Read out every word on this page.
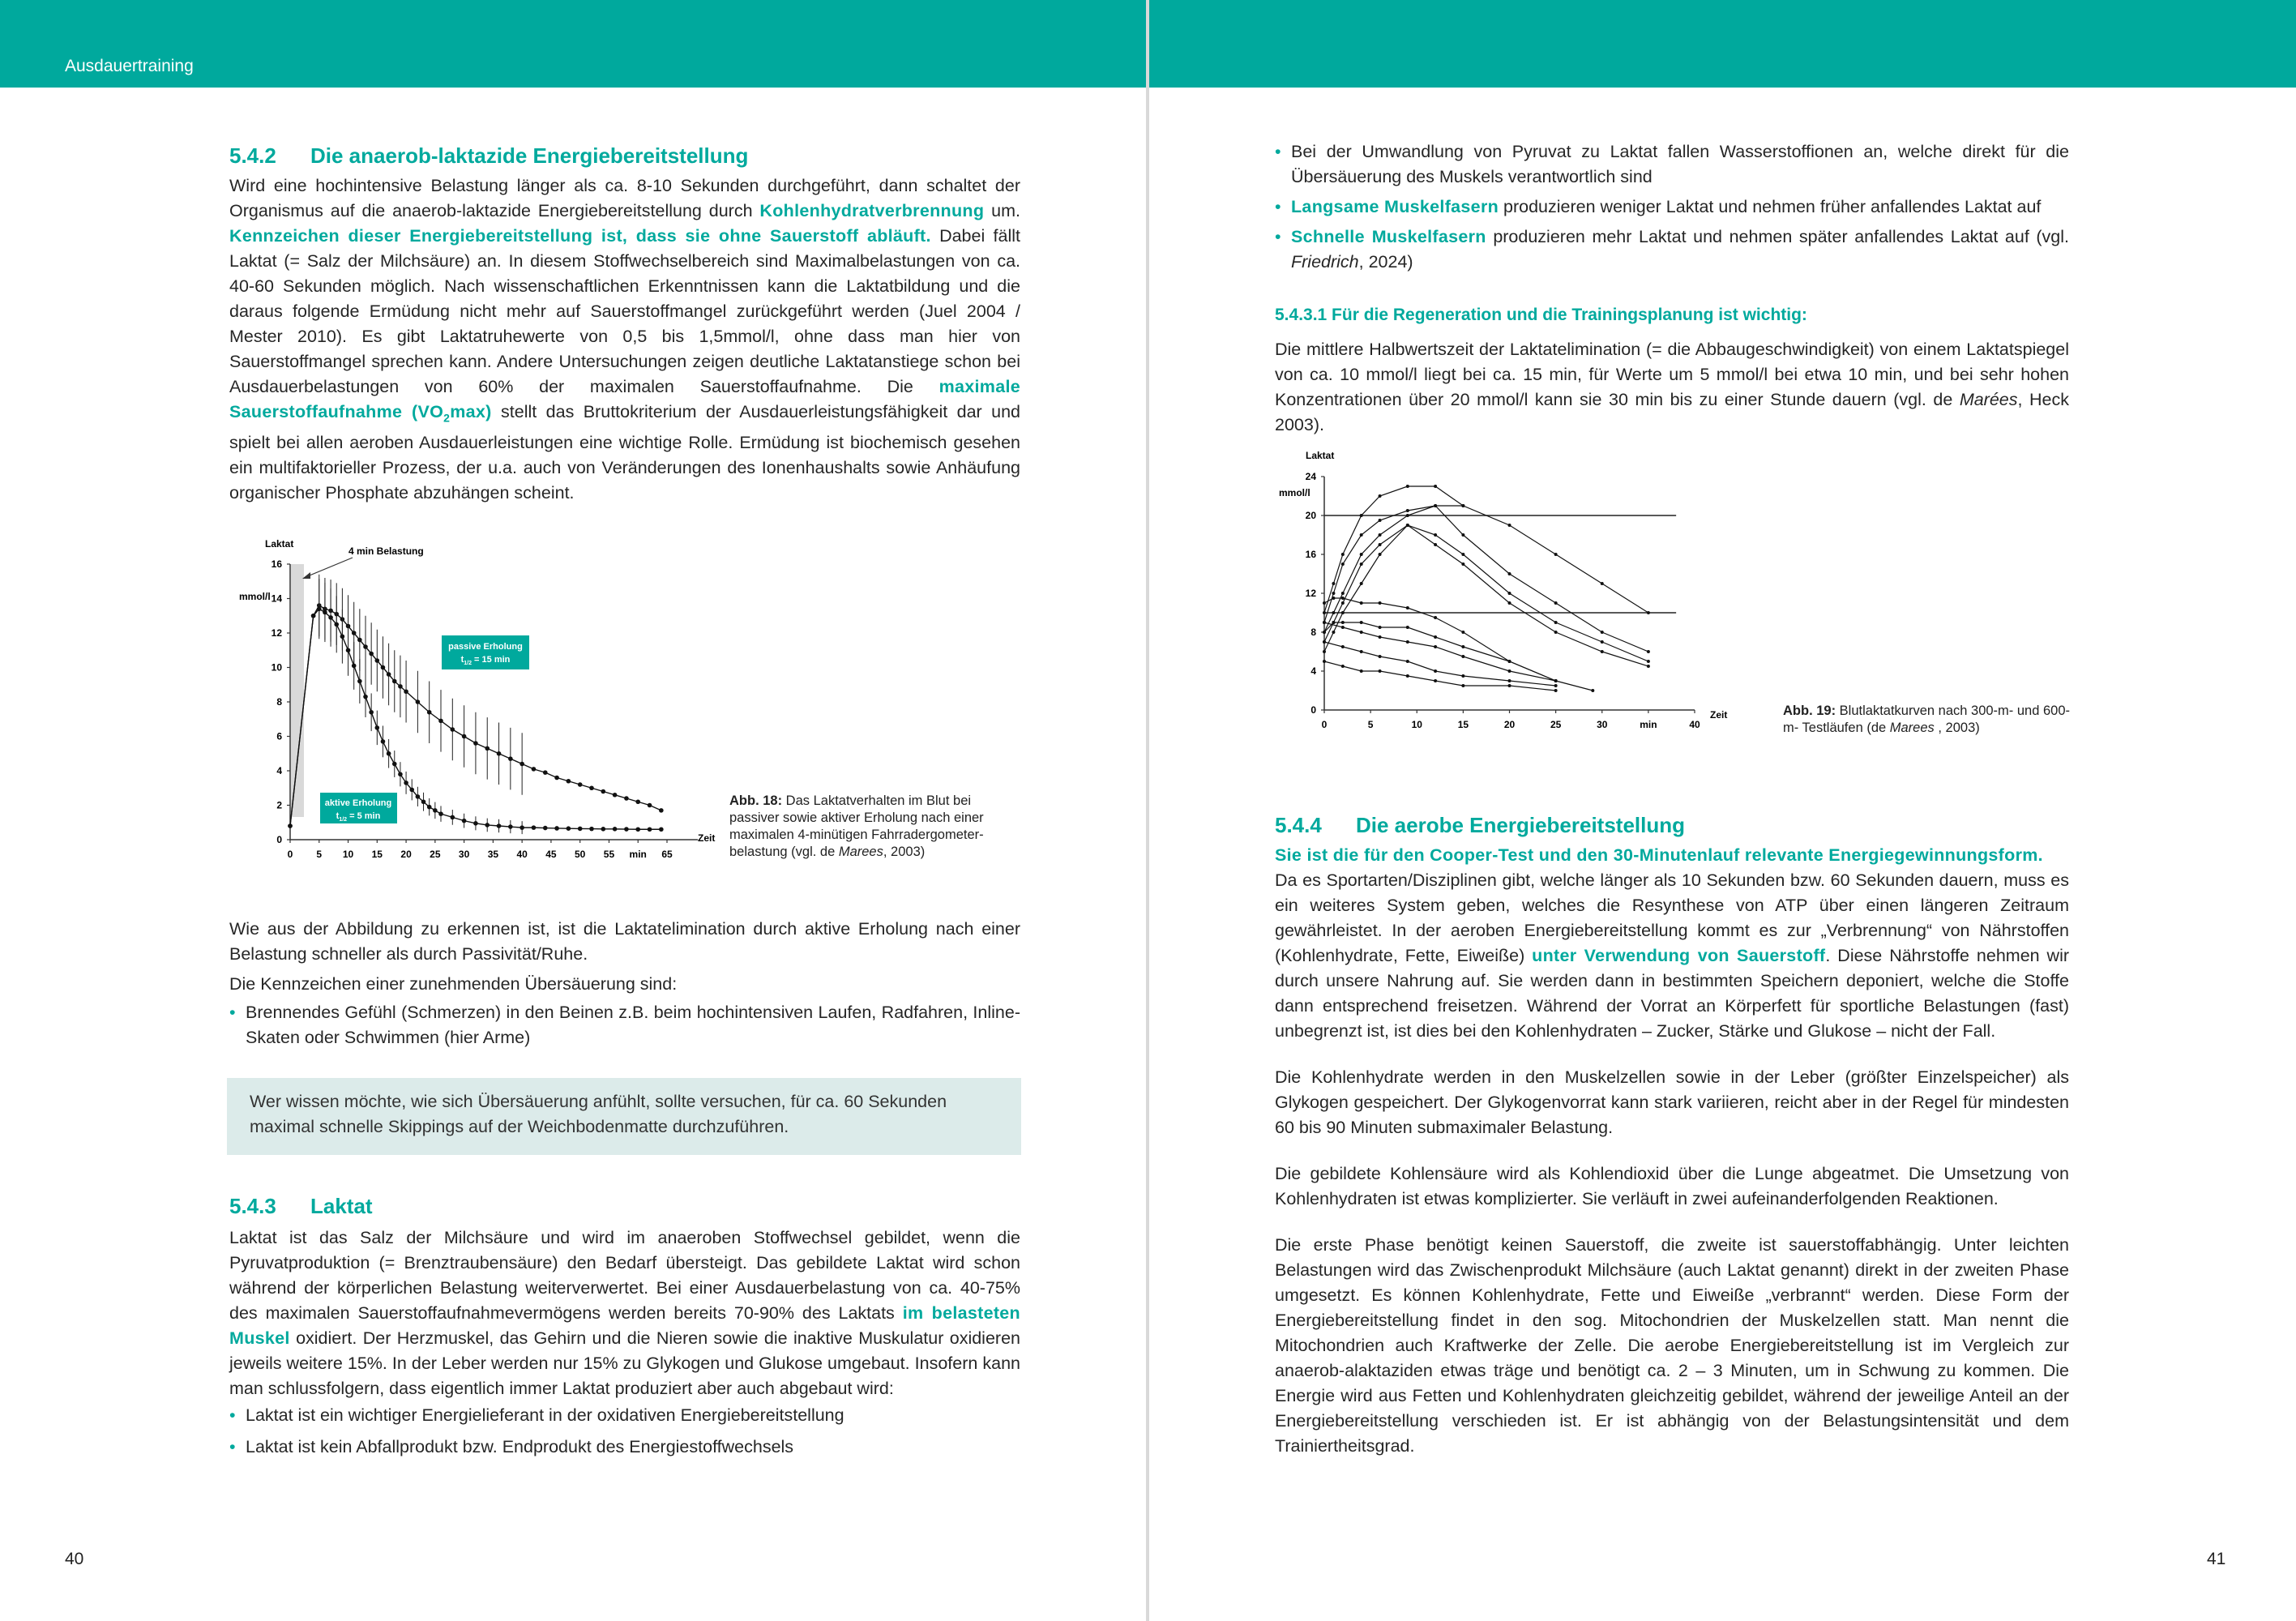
Ausdauertraining
5.4.2 Die anaerob-laktazide Energiebereitstellung

Wird eine hochintensive Belastung länger als ca. 8-10 Sekunden durchgeführt, dann schaltet der Organismus auf die anaerob-laktazide Energiebereitstellung durch Kohlenhydratverbrennung um. Kennzeichen dieser Energiebereitstellung ist, dass sie ohne Sauerstoff abläuft. Dabei fällt Laktat (= Salz der Milchsäure) an. In diesem Stoffwechselbereich sind Maximalbelastungen von ca. 40-60 Sekunden möglich. Nach wissenschaftlichen Erkenntnissen kann die Laktatbildung und die daraus folgende Ermüdung nicht mehr auf Sauerstoffmangel zurückgeführt werden (Juel 2004 / Mester 2010). Es gibt Laktatruhewerte von 0,5 bis 1,5mmol/l, ohne dass man hier von Sauerstoffmangel sprechen kann. Andere Untersuchungen zeigen deutliche Laktatanstiege schon bei Ausdauerbelastungen von 60% der maximalen Sauerstoffaufnahme. Die maximale Sauerstoffaufnahme $(VO_2\max)$ stellt das Bruttokriterium der Ausdauerleistungsfähigkeit dar und spielt bei allen aeroben Ausdauerleistungen eine wichtige Rolle. Ermüdung ist biochemisch gesehen ein multifaktorieller Prozess, der u.a. auch von Veränderungen des Ionenhaushalts sowie Anhäufung organischer Phosphate abzuhängen scheint.

Laktat
mmol/l
4 min Belastung
0
2
4
6
8
10
12
14
16
0 5 10 15 20 25 30 35 40 45 50 55 min 65
Zeit
passive Erholung
$t_{1/2} = 15$ min
aktive Erholung
$t_{1/2} = 5$ min
Abb. 18: Das Laktatverhalten im Blut bei passiver sowie aktiver Erholung nach einer maximalen 4-minütigen Fahrradergometer-belastung (vgl. de Marees, 2003)

Wie aus der Abbildung zu erkennen ist, ist die Laktatelimination durch aktive Erholung nach einer Belastung schneller als durch Passivität/Ruhe.

Die Kennzeichen einer zunehmenden Übersäuerung sind:

• Brennendes Gefühl (Schmerzen) in den Beinen z.B. beim hochintensiven Laufen, Radfahren, Inline-Skaten oder Schwimmen (hier Arme)
Wer wissen möchte, wie sich Übersäuerung anfühlt, sollte versuchen, für ca. 60 Sekunden maximal schnelle Skippings auf der Weichbodenmatte durchzuführen.
5.4.3 Laktat

Laktat ist das Salz der Milchsäure und wird im anaeroben Stoffwechsel gebildet, wenn die Pyruvatproduktion (= Brenztraubensäure) den Bedarf übersteigt. Das gebildete Laktat wird schon während der körperlichen Belastung weiterverwertet. Bei einer Ausdauerbelastung von ca. 40-75% des maximalen Sauerstoffaufnahmevermögens werden bereits 70-90% des Laktats im belasteten Muskel oxidiert. Der Herzmuskel, das Gehirn und die Nieren sowie die inaktive Muskulatur oxidieren jeweils weitere 15%. In der Leber werden nur 15% zu Glykogen und Glukose umgebaut. Insofern kann man schlussfolgern, dass eigentlich immer Laktat produziert aber auch abgebaut wird:

• Laktat ist ein wichtiger Energielieferant in der oxidativen Energiebereitstellung
• Laktat ist kein Abfallprodukt bzw. Endprodukt des Energiestoffwechsels
40
• Bei der Umwandlung von Pyruvat zu Laktat fallen Wasserstoffionen an, welche direkt für die Übersäuerung des Muskels verantwortlich sind
• Langsame Muskelfasern produzieren weniger Laktat und nehmen früher anfallendes Laktat auf
• Schnelle Muskelfasern produzieren mehr Laktat und nehmen später anfallendes Laktat auf (vgl. Friedrich, 2024)
5.4.3.1 Für die Regeneration und die Trainingsplanung ist wichtig:

Die mittlere Halbwertszeit der Laktatelimination (= die Abbaugeschwindigkeit) von einem Laktatspiegel von ca. 10 mmol/l liegt bei ca. 15 min, für Werte um 5 mmol/l bei etwa 10 min, und bei sehr hohen Konzentrationen über 20 mmol/l kann sie 30 min bis zu einer Stunde dauern (vgl. de Marées, Heck 2003).

Laktat
mmol/l
0
4
8
12
16
20
24
0	5	10	15	20	25	30	min	40
Zeit	Abb. 19: Blutlaktatkurven nach 300-m- und 600-m- Testläufen (de Marees , 2003)
5.4.4 Die aerobe Energiebereitstellung

Sie ist die für den Cooper-Test und den 30-Minutenlauf relevante Energiegewinnungsform.

Da es Sportarten/Disziplinen gibt, welche länger als 10 Sekunden bzw. 60 Sekunden dauern, muss es ein weiteres System geben, welches die Resynthese von ATP über einen längeren Zeitraum gewährleistet. In der aeroben Energiebereitstellung kommt es zur „Verbrennung“ von Nährstoffen (Kohlenhydrate, Fette, Eiweiße) unter Verwendung von Sauerstoff. Diese Nährstoffe nehmen wir durch unsere Nahrung auf. Sie werden dann in bestimmten Speichern deponiert, welche die Stoffe dann entsprechend freisetzen. Während der Vorrat an Körperfett für sportliche Belastungen (fast) unbegrenzt ist, ist dies bei den Kohlenhydraten – Zucker, Stärke und Glukose – nicht der Fall.

Die Kohlenhydrate werden in den Muskelzellen sowie in der Leber (größter Einzelspeicher) als Glykogen gespeichert. Der Glykogenvorrat kann stark variieren, reicht aber in der Regel für mindesten 60 bis 90 Minuten submaximaler Belastung.

Die gebildete Kohlensäure wird als Kohlendioxid über die Lunge abgeatmet. Die Umsetzung von Kohlenhydraten ist etwas komplizierter. Sie verläuft in zwei aufeinanderfolgenden Reaktionen.

Die erste Phase benötigt keinen Sauerstoff, die zweite ist sauerstoffabhängig. Unter leichten Belastungen wird das Zwischenprodukt Milchsäure (auch Laktat genannt) direkt in der zweiten Phase umgesetzt. Es können Kohlenhydrate, Fette und Eiweiße „verbrannt“ werden. Diese Form der Energiebereitstellung findet in den sog. Mitochondrien der Muskelzellen statt. Man nennt die Mitochondrien auch Kraftwerke der Zelle. Die aerobe Energiebereitstellung ist im Vergleich zur anaerob-alaktaziden etwas träge und benötigt ca. 2 – 3 Minuten, um in Schwung zu kommen. Die Energie wird aus Fetten und Kohlenhydraten gleichzeitig gebildet, während der jeweilige Anteil an der Energiebereitstellung verschieden ist. Er ist abhängig von der Belastungsintensität und dem Trainiertheitsgrad.

41
